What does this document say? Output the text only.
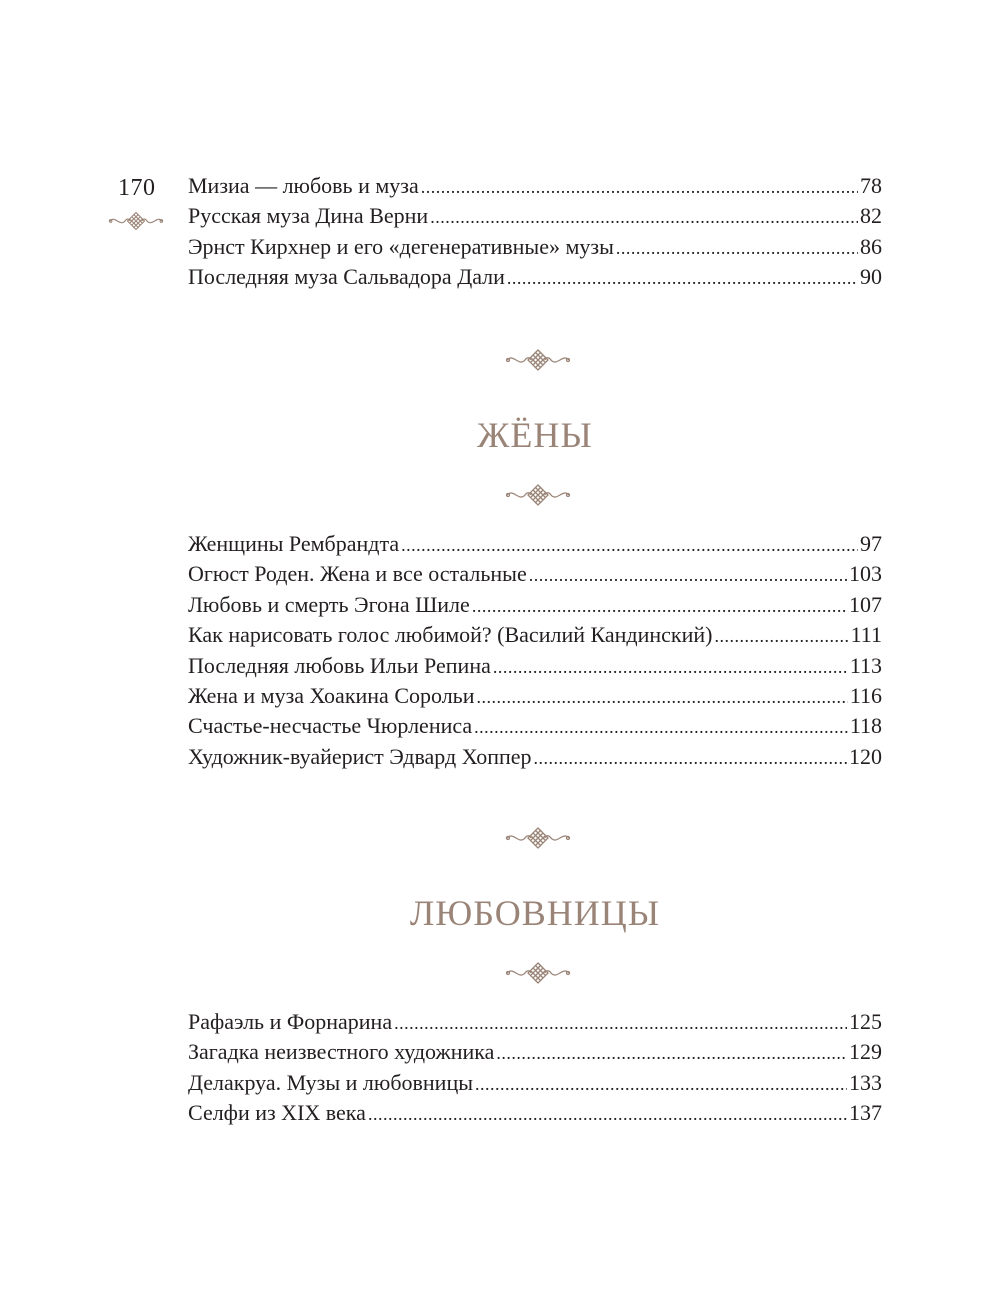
170 Мизиа — любовь и муза .....	78
Русская муза Дина Верни .....	82
Эрнст Кирхнер и его «дегенеративные» музы .....	86
Последняя муза Сальвадора Дали .....	90
ЖЁНЫ
Женщины Рембрандта .....	97
Огюст Роден. Жена и все остальные .....	103
Любовь и смерть Эгона Шиле .....	107
Как нарисовать голос любимой? (Василий Кандинский) .....	111
Последняя любовь Ильи Репина .....	113
Жена и муза Хоакина Сорольи .....	116
Счастье-несчастье Чюрлениса .....	118
Художник-вуайерист Эдвард Хоппер .....	120
ЛЮБОВНИЦЫ
Рафаэль и Форнарина .....	125
Загадка неизвестного художника .....	129
Делакруа. Музы и любовницы .....	133
Селфи из XIX века .....	137
